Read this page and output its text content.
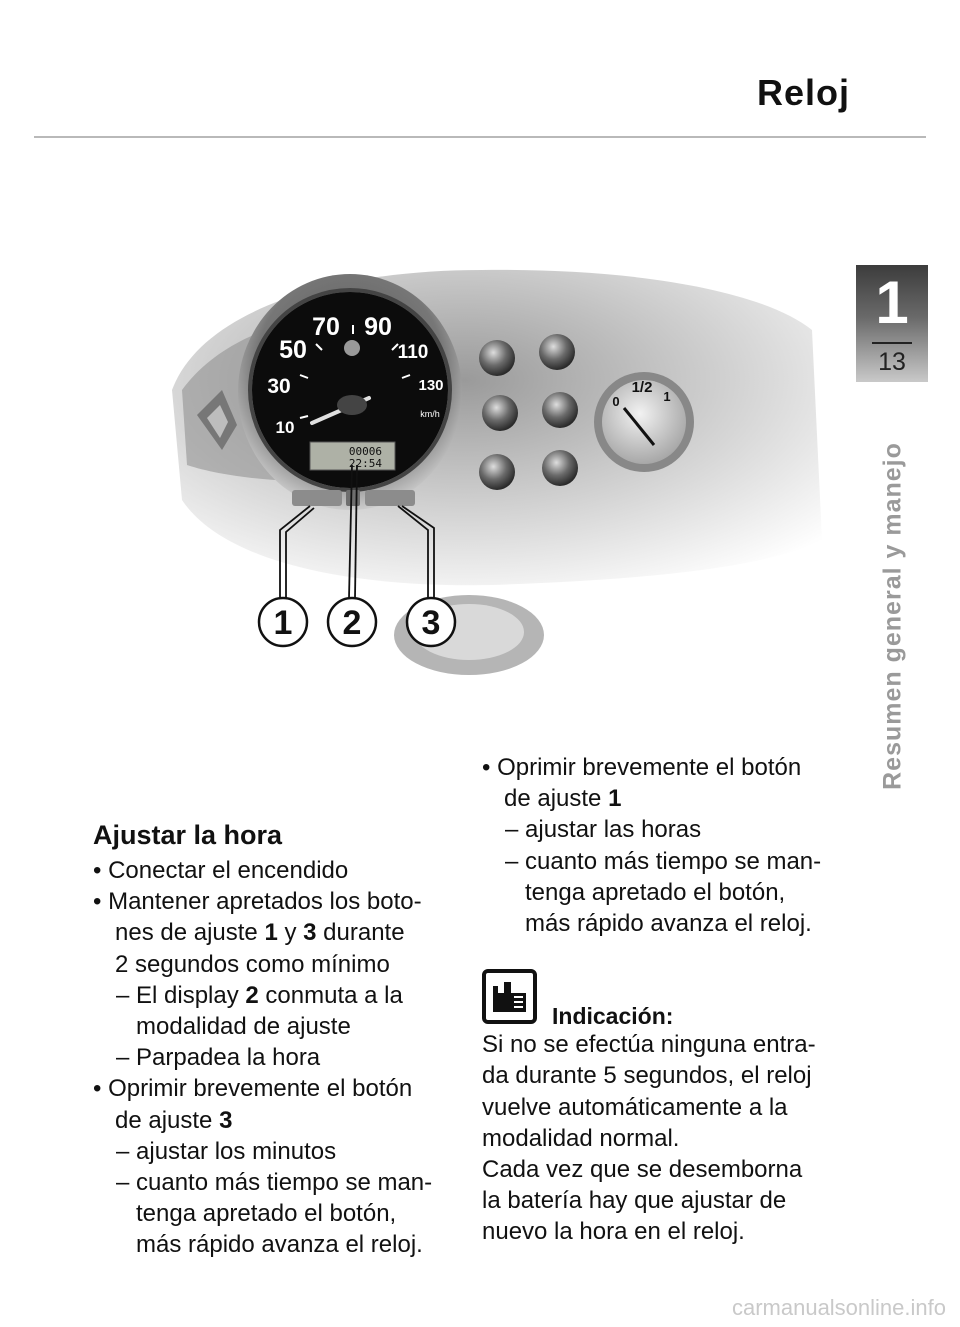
Reloj
1
13
Resumen general y manejo
10
30
50
70 90
110
130
km/h
00006
22:54
0
1/2
1
1 2 3

Ajustar la hora

• Conectar el encendido

• Mantener apretados los boto-
nes de ajuste 1 y 3 durante
2 segundos como mínimo

– El display 2 conmuta a la
modalidad de ajuste

– Parpadea la hora

• Oprimir brevemente el botón
de ajuste 3

– ajustar los minutos

– cuanto más tiempo se man-
tenga apretado el botón,
más rápido avanza el reloj.

• Oprimir brevemente el botón
de ajuste 1

– ajustar las horas

– cuanto más tiempo se man-
tenga apretado el botón,
más rápido avanza el reloj.

Indicación:

Si no se efectúa ninguna entra-
da durante 5 segundos, el reloj
vuelve automáticamente a la
modalidad normal.
Cada vez que se desemborna
la batería hay que ajustar de
nuevo la hora en el reloj.

carmanualsonline.info
